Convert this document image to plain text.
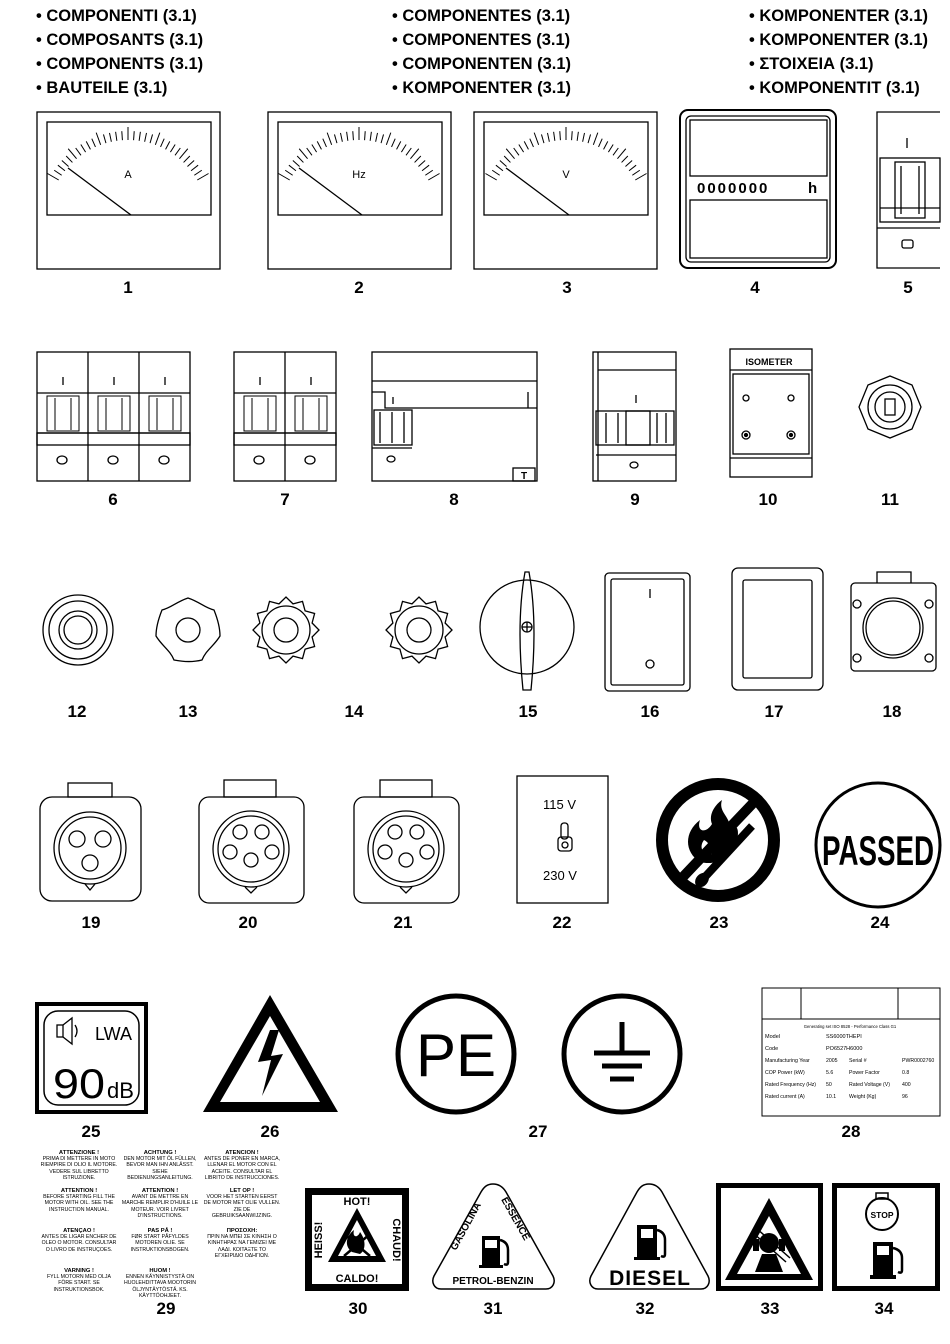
• COMPONENTI (3.1)
• COMPOSANTS (3.1)
• COMPONENTS (3.1)
• BAUTEILE (3.1)
• COMPONENTES (3.1)
• COMPONENTES (3.1)
• COMPONENTEN (3.1)
• KOMPONENTER (3.1)
• KOMPONENTER (3.1)
• KOMPONENTER (3.1)
• ΣΤΟΙΧΕΙΑ (3.1)
• KOMPONENTIT (3.1)
A	Hz	V
0000000	h
T
ISOMETER
115 V
230 V
PASSED
LWA
90 dB
PE	Generating set ISO 8528 - Performance Class G1
Model	SS6000THEPI
Code	PO6527H6000
Manufacturing Year	2005 Serial #	PWR0002760
COP Power (kW)	5.6	Power Factor	0.8
Rated Frequency (Hz) 50	Rated Voltage (V) 400
Rated current (A)	10.1 Weight (Kg)	96
HOT!
CALDO!
CHAUD!
HEISS!	GASOLINA ESSENCE
PETROL-BENZIN	DIESEL
STOP
ATTENZIONE !
PRIMA DI METTERE IN MOTO RIEMPIRE DI OLIO IL MOTORE. VEDERE SUL LIBRETTO ISTRUZIONE.
ACHTUNG !
DEN MOTOR MIT ÖL FÜLLEN, BEVOR MAN IHN ANLÄSST. SIEHE BEDIENUNGSANLEITUNG.
ATENCION !
ANTES DE PONER EN MARCA, LLENAR EL MOTOR CON EL ACEITE. CONSULTAR EL LIBRITO DE INSTRUCCIONES.
ATTENTION !
BEFORE STARTING FILL THE MOTOR WITH OIL. SEE THE INSTRUCTION MANUAL.
ATTENTION !
AVANT DE METTRE EN MARCHE REMPLIR D'HUILE LE MOTEUR. VOIR LIVRET D'INSTRUCTIONS.
LET OP !
VOOR HET STARTEN EERST DE MOTOR MET OLIE VULLEN. ZIE DE GEBRUIKSAANWIJZING.
ATENÇAO !
ANTES DE LIGAR ENCHER DE OLEO O MOTOR. CONSULTAR O LIVRO DE INSTRUÇOES.
PAS PÅ !
FØR START PÅFYLDES MOTOREN OLIE. SE INSTRUKTIONSBOGEN.
ΠΡΟΣΟΧΗ:
ΠΡΙΝ ΝΑ ΜΠΕΙ ΣΕ ΚΙΝΗΣΗ Ο ΚΙΝΗΤΗΡΑΣ ΝΑ ΓΕΜΙΖΕΙ ΜΕ ΛΑΔΙ. ΚΟΙΤΑΞΤΕ ΤΟ ΕΓΧΕΙΡΙΔΙΟ ΟΔΗΓΙΩΝ.
VARNING !
FYLL MOTORN MED OLJA FÖRE START. SE INSTRUKTIONSBOK.
HUOM !
ENNEN KÄYNNISTYSTÄ ON HUOLEHDITTAVA MOOTORIN ÖLJYNTÄYTÖSTÄ. KS. KÄYTTÖOHJEET.
1	2	3	4	5
6	7	8	9	10	11
12	13	14	15	16	17	18
19	20	21	22	23	24
25	26	27	28
29	30	31	32	33	34
